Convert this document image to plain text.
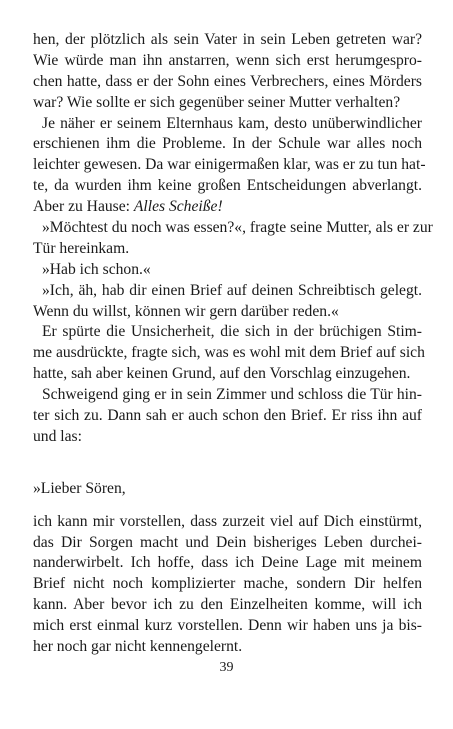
hen, der plötzlich als sein Vater in sein Leben getreten war?
Wie würde man ihn anstarren, wenn sich erst herumgespro-
chen hatte, dass er der Sohn eines Verbrechers, eines Mörders
war? Wie sollte er sich gegenüber seiner Mutter verhalten?
Je näher er seinem Elternhaus kam, desto unüberwindlicher
erschienen ihm die Probleme. In der Schule war alles noch
leichter gewesen. Da war einigermaßen klar, was er zu tun hat-
te, da wurden ihm keine großen Entscheidungen abverlangt.
Aber zu Hause: Alles Scheiße!
»Möchtest du noch was essen?«, fragte seine Mutter, als er zur
Tür hereinkam.
»Hab ich schon.«
»Ich, äh, hab dir einen Brief auf deinen Schreibtisch gelegt.
Wenn du willst, können wir gern darüber reden.«
Er spürte die Unsicherheit, die sich in der brüchigen Stim-
me ausdrückte, fragte sich, was es wohl mit dem Brief auf sich
hatte, sah aber keinen Grund, auf den Vorschlag einzugehen.
Schweigend ging er in sein Zimmer und schloss die Tür hin-
ter sich zu. Dann sah er auch schon den Brief. Er riss ihn auf
und las:
»Lieber Sören,
ich kann mir vorstellen, dass zurzeit viel auf Dich einstürmt,
das Dir Sorgen macht und Dein bisheriges Leben durchei-
nanderwirbelt. Ich hoffe, dass ich Deine Lage mit meinem
Brief nicht noch komplizierter mache, sondern Dir helfen
kann. Aber bevor ich zu den Einzelheiten komme, will ich
mich erst einmal kurz vorstellen. Denn wir haben uns ja bis-
her noch gar nicht kennengelernt.
39
